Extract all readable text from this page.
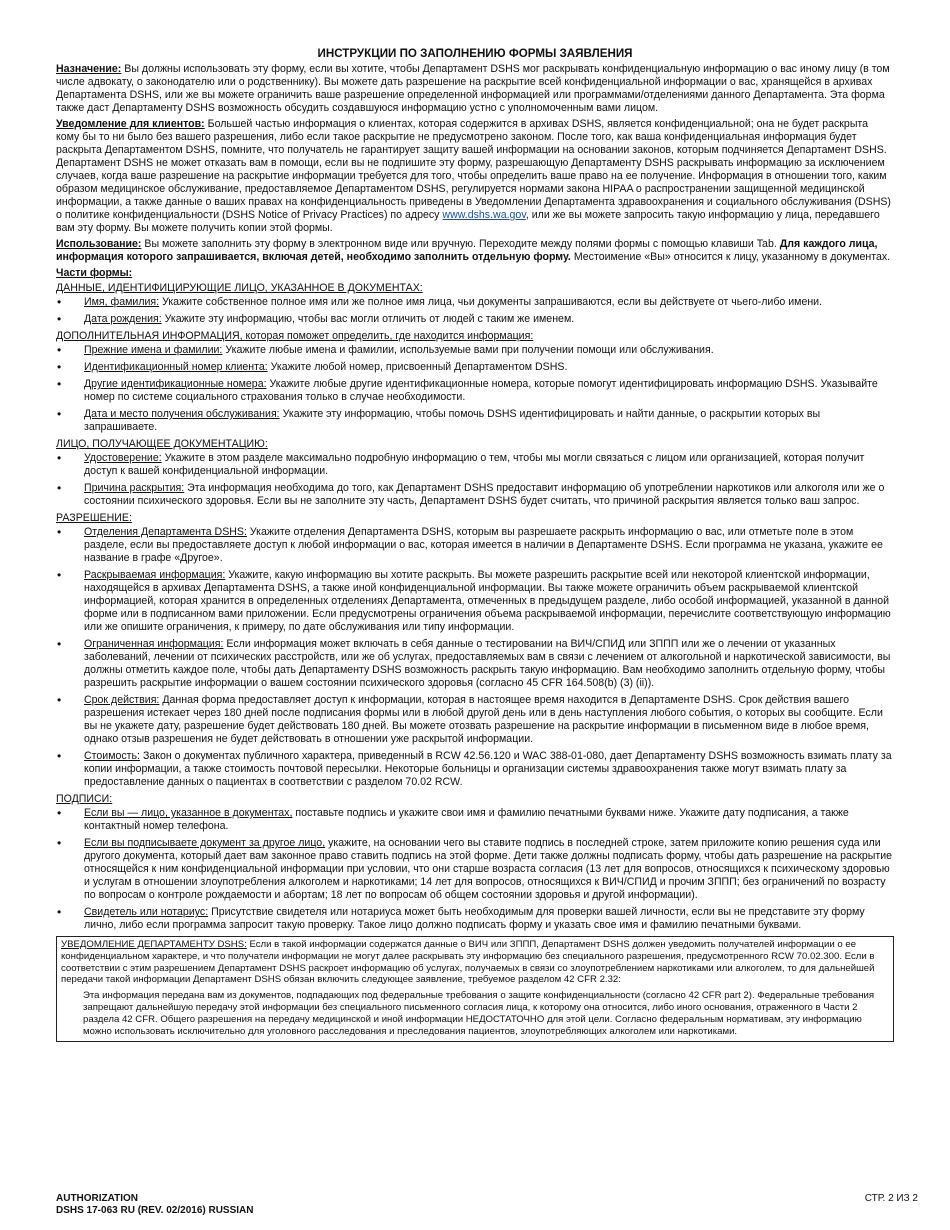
ИНСТРУКЦИИ ПО ЗАПОЛНЕНИЮ ФОРМЫ ЗАЯВЛЕНИЯ

Назначение: Вы должны использовать эту форму, если вы хотите, чтобы Департамент DSHS мог раскрывать конфиденциальную информацию о вас иному лицу (в том числе адвокату, о законодателю или о родственнику). Вы можете дать разрешение на раскрытие всей конфиденциальной информации о вас, хранящейся в архивах Департамента DSHS, или же вы можете ограничить ваше разрешение определенной информацией или программами/отделениями данного Департамента. Эта форма также даст Департаменту DSHS возможность обсудить создавшуюся информацию устно с уполномоченным вами лицом.

Уведомление для клиентов: Большей частью информация о клиентах, которая содержится в архивах DSHS, является конфиденциальной; она не будет раскрыта кому бы то ни было без вашего разрешения, либо если такое раскрытие не предусмотрено законом. После того, как ваша конфиденциальная информация будет раскрыта Департаментом DSHS, помните, что получатель не гарантирует защиту вашей информации на основании законов, которым подчиняется Департамент DSHS. Департамент DSHS не может отказать вам в помощи, если вы не подпишите эту форму, разрешающую Департаменту DSHS раскрывать информацию за исключением случаев, когда ваше разрешение на раскрытие информации требуется для того, чтобы определить ваше право на ее получение. Информация в отношении того, каким образом медицинское обслуживание, предоставляемое Департаментом DSHS, регулируется нормами закона HIPAA о распространении защищенной медицинской информации, а также данные о ваших правах на конфиденциальность приведены в Уведомлении Департамента здравоохранения и социального обслуживания (DSHS) о политике конфиденциальности (DSHS Notice of Privacy Practices) по адресу www.dshs.wa.gov, или же вы можете запросить такую информацию у лица, передавшего вам эту форму. Вы можете получить копии этой формы.

Использование: Вы можете заполнить эту форму в электронном виде или вручную. Переходите между полями формы с помощью клавиши Tab. Для каждого лица, информация которого запрашивается, включая детей, необходимо заполнить отдельную форму. Местоимение «Вы» относится к лицу, указанному в документах.

Части формы:
ДАННЫЕ, ИДЕНТИФИЦИРУЮЩИЕ ЛИЦО, УКАЗАННОЕ В ДОКУМЕНТАХ:
• Имя, фамилия: Укажите собственное полное имя или же полное имя лица, чьи документы запрашиваются, если вы действуете от чьего-либо имени.
• Дата рождения: Укажите эту информацию, чтобы вас могли отличить от людей с таким же именем.
ДОПОЛНИТЕЛЬНАЯ ИНФОРМАЦИЯ, которая поможет определить, где находится информация:
• Прежние имена и фамилии: Укажите любые имена и фамилии, используемые вами при получении помощи или обслуживания.
• Идентификационный номер клиента: Укажите любой номер, присвоенный Департаментом DSHS.
• Другие идентификационные номера: Укажите любые другие идентификационные номера, которые помогут идентифицировать информацию DSHS. Указывайте номер по системе социального страхования только в случае необходимости.
• Дата и место получения обслуживания: Укажите эту информацию, чтобы помочь DSHS идентифицировать и найти данные, о раскрытии которых вы запрашиваете.
ЛИЦО, ПОЛУЧАЮЩЕЕ ДОКУМЕНТАЦИЮ:
• Удостоверение: Укажите в этом разделе максимально подробную информацию о тем, чтобы мы могли связаться с лицом или организацией, которая получит доступ к вашей конфиденциальной информации.
• Причина раскрытия: Эта информация необходима до того, как Департамент DSHS предоставит информацию об употреблении наркотиков или алкоголя или же о состоянии психического здоровья. Если вы не заполните эту часть, Департамент DSHS будет считать, что причиной раскрытия является только ваш запрос.
РАЗРЕШЕНИЕ:
• Отделения Департамента DSHS: Укажите отделения Департамента DSHS, которым вы разрешаете раскрыть информацию о вас, или отметьте поле в этом разделе, если вы предоставляете доступ к любой информации о вас, которая имеется в наличии в Департаменте DSHS. Если программа не указана, укажите ее название в графе «Другое».
• Раскрываемая информация: Укажите, какую информацию вы хотите раскрыть. Вы можете разрешить раскрытие всей или некоторой клиентской информации, находящейся в архивах Департамента DSHS, а также иной конфиденциальной информации. Вы также можете ограничить объем раскрываемой клиентской информацией, которая хранится в определенных отделениях Департамента, отмеченных в предыдущем разделе, либо особой информацией, указанной в данной форме или в подписанном вами приложении. Если предусмотрены ограничения объема раскрываемой информации, перечислите соответствующую информацию или же опишите ограничения, к примеру, по дате обслуживания или типу информации.
• Ограниченная информация: Если информация может включать в себя данные о тестировании на ВИЧ/СПИД или ЗППП или же о лечении от указанных заболеваний, лечении от психических расстройств, или же об услугах, предоставляемых вам в связи с лечением от алкогольной и наркотической зависимости, вы должны отметить каждое поле, чтобы дать Департаменту DSHS возможность раскрыть такую информацию. Вам необходимо заполнить отдельную форму, чтобы разрешить раскрытие информации о вашем состоянии психического здоровья (согласно 45 CFR 164.508(b) (3) (ii)).
• Срок действия: Данная форма предоставляет доступ к информации, которая в настоящее время находится в Департаменте DSHS. Срок действия вашего разрешения истекает через 180 дней после подписания формы или в любой другой день или в день наступления любого события, о которых вы сообщите. Если вы не укажете дату, разрешение будет действовать 180 дней. Вы можете отозвать разрешение на раскрытие информации в письменном виде в любое время, однако отзыв разрешения не будет действовать в отношении уже раскрытой информации.
• Стоимость: Закон о документах публичного характера, приведенный в RCW 42.56.120 и WAC 388-01-080, дает Департаменту DSHS возможность взимать плату за копии информации, а также стоимость почтовой пересылки. Некоторые больницы и организации системы здравоохранения также могут взимать плату за предоставление данных о пациентах в соответствии с разделом 70.02 RCW.
ПОДПИСИ:
• Если вы — лицо, указанное в документах, поставьте подпись и укажите свои имя и фамилию печатными буквами ниже. Укажите дату подписания, а также контактный номер телефона.
• Если вы подписываете документ за другое лицо, укажите, на основании чего вы ставите подпись в последней строке, затем приложите копию решения суда или другого документа, который дает вам законное право ставить подпись на этой форме. Дети также должны подписать форму, чтобы дать разрешение на раскрытие относящейся к ним конфиденциальной информации при условии, что они старше возраста согласия (13 лет для вопросов, относящихся к психическому здоровью и услугам в отношении злоупотребления алкоголем и наркотиками; 14 лет для вопросов, относящихся к ВИЧ/СПИД и прочим ЗППП; без ограничений по возрасту по вопросам о контроле рождаемости и абортам; 18 лет по вопросам об общем состоянии здоровья и другой информации).
• Свидетель или нотариус: Присутствие свидетеля или нотариуса может быть необходимым для проверки вашей личности, если вы не представите эту форму лично, либо если программа запросит такую проверку. Такое лицо должно подписать форму и указать свое имя и фамилию печатными буквами.

УВЕДОМЛЕНИЕ ДЕПАРТАМЕНТУ DSHS: Если в такой информации содержатся данные о ВИЧ или ЗППП, Департамент DSHS должен уведомить получателей информации о ее конфиденциальном характере, и что получатели информации не могут далее раскрывать эту информацию без специального разрешения, предусмотренного RCW 70.02.300. Если в соответствии с этим разрешением Департамент DSHS раскроет информацию об услугах, получаемых в связи со злоупотреблением наркотиками или алкоголем, то для дальнейшей передачи такой информации Департамент DSHS обязан включить следующее заявление, требуемое разделом 42 CFR 2.32:

Эта информация передана вам из документов, подпадающих под федеральные требования о защите конфиденциальности (согласно 42 CFR part 2). Федеральные требования запрещают дальнейшую передачу этой информации без специального письменного согласия лица, к которому она относится, либо иного основания, отраженного в Части 2 раздела 42 CFR. Общего разрешения на передачу медицинской и иной информации НЕДОСТАТОЧНО для этой цели. Согласно федеральным нормативам, эту информацию можно использовать исключительно для уголовного расследования и преследования пациентов, злоупотребляющих алкоголем или наркотиками.

AUTHORIZATION
DSHS 17-063 RU (REV. 02/2016) RUSSIAN
СТР. 2 ИЗ 2
